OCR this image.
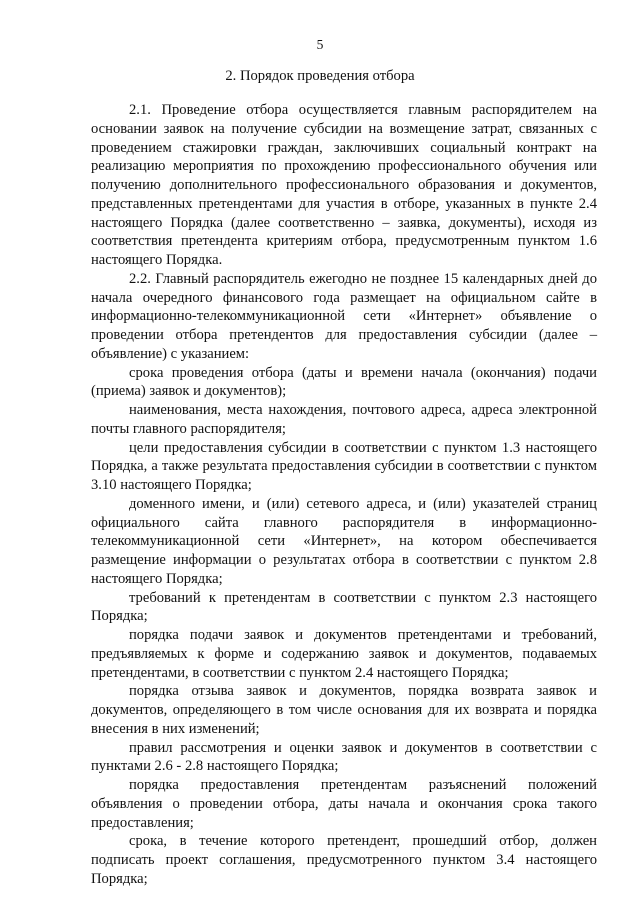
5
2. Порядок проведения отбора

2.1. Проведение отбора осуществляется главным распорядителем на основании заявок на получение субсидии на возмещение затрат, связанных с проведением стажировки граждан, заключивших социальный контракт на реализацию мероприятия по прохождению профессионального обучения или получению дополнительного профессионального образования и документов, представленных претендентами для участия в отборе, указанных в пункте 2.4 настоящего Порядка (далее соответственно – заявка, документы), исходя из соответствия претендента критериям отбора, предусмотренным пунктом 1.6 настоящего Порядка.

2.2. Главный распорядитель ежегодно не позднее 15 календарных дней до начала очередного финансового года размещает на официальном сайте в информационно-телекоммуникационной сети «Интернет» объявление о проведении отбора претендентов для предоставления субсидии (далее – объявление) с указанием:

срока проведения отбора (даты и времени начала (окончания) подачи (приема) заявок и документов);

наименования, места нахождения, почтового адреса, адреса электронной почты главного распорядителя;

цели предоставления субсидии в соответствии с пунктом 1.3 настоящего Порядка, а также результата предоставления субсидии в соответствии с пунктом 3.10 настоящего Порядка;

доменного имени, и (или) сетевого адреса, и (или) указателей страниц официального сайта главного распорядителя в информационно-телекоммуникационной сети «Интернет», на котором обеспечивается размещение информации о результатах отбора в соответствии с пунктом 2.8 настоящего Порядка;

требований к претендентам в соответствии с пунктом 2.3 настоящего Порядка;

порядка подачи заявок и документов претендентами и требований, предъявляемых к форме и содержанию заявок и документов, подаваемых претендентами, в соответствии с пунктом 2.4 настоящего Порядка;

порядка отзыва заявок и документов, порядка возврата заявок и документов, определяющего в том числе основания для их возврата и порядка внесения в них изменений;

правил рассмотрения и оценки заявок и документов в соответствии с пунктами 2.6 - 2.8 настоящего Порядка;

порядка предоставления претендентам разъяснений положений объявления о проведении отбора, даты начала и окончания срока такого предоставления;

срока, в течение которого претендент, прошедший отбор, должен подписать проект соглашения, предусмотренного пунктом 3.4 настоящего Порядка;
